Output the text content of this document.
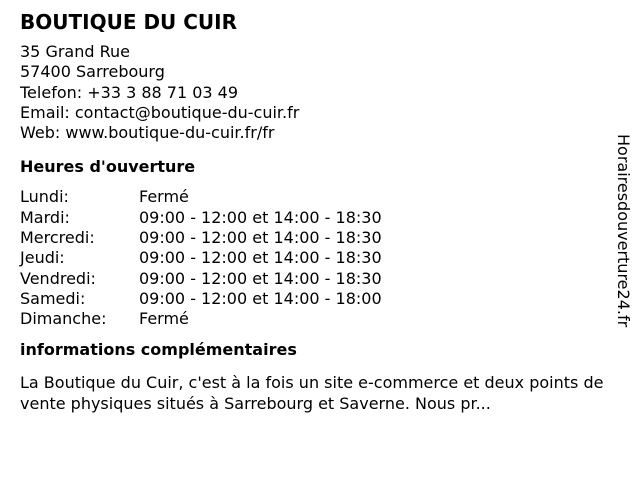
BOUTIQUE DU CUIR
35 Grand Rue
57400 Sarrebourg
Telefon: +33 3 88 71 03 49
Email: contact@boutique-du-cuir.fr
Web: www.boutique-du-cuir.fr/fr
Heures d'ouverture
Lundi:	Fermé
Mardi:	09:00 - 12:00 et 14:00 - 18:30
Mercredi:	09:00 - 12:00 et 14:00 - 18:30
Jeudi:	09:00 - 12:00 et 14:00 - 18:30
Vendredi:	09:00 - 12:00 et 14:00 - 18:30
Samedi:	09:00 - 12:00 et 14:00 - 18:00
Dimanche:	Fermé
informations complémentaires
La Boutique du Cuir, c'est à la fois un site e-commerce et deux points de vente physiques situés à Sarrebourg et Saverne. Nous pr...
Horairesdouverture24.fr
